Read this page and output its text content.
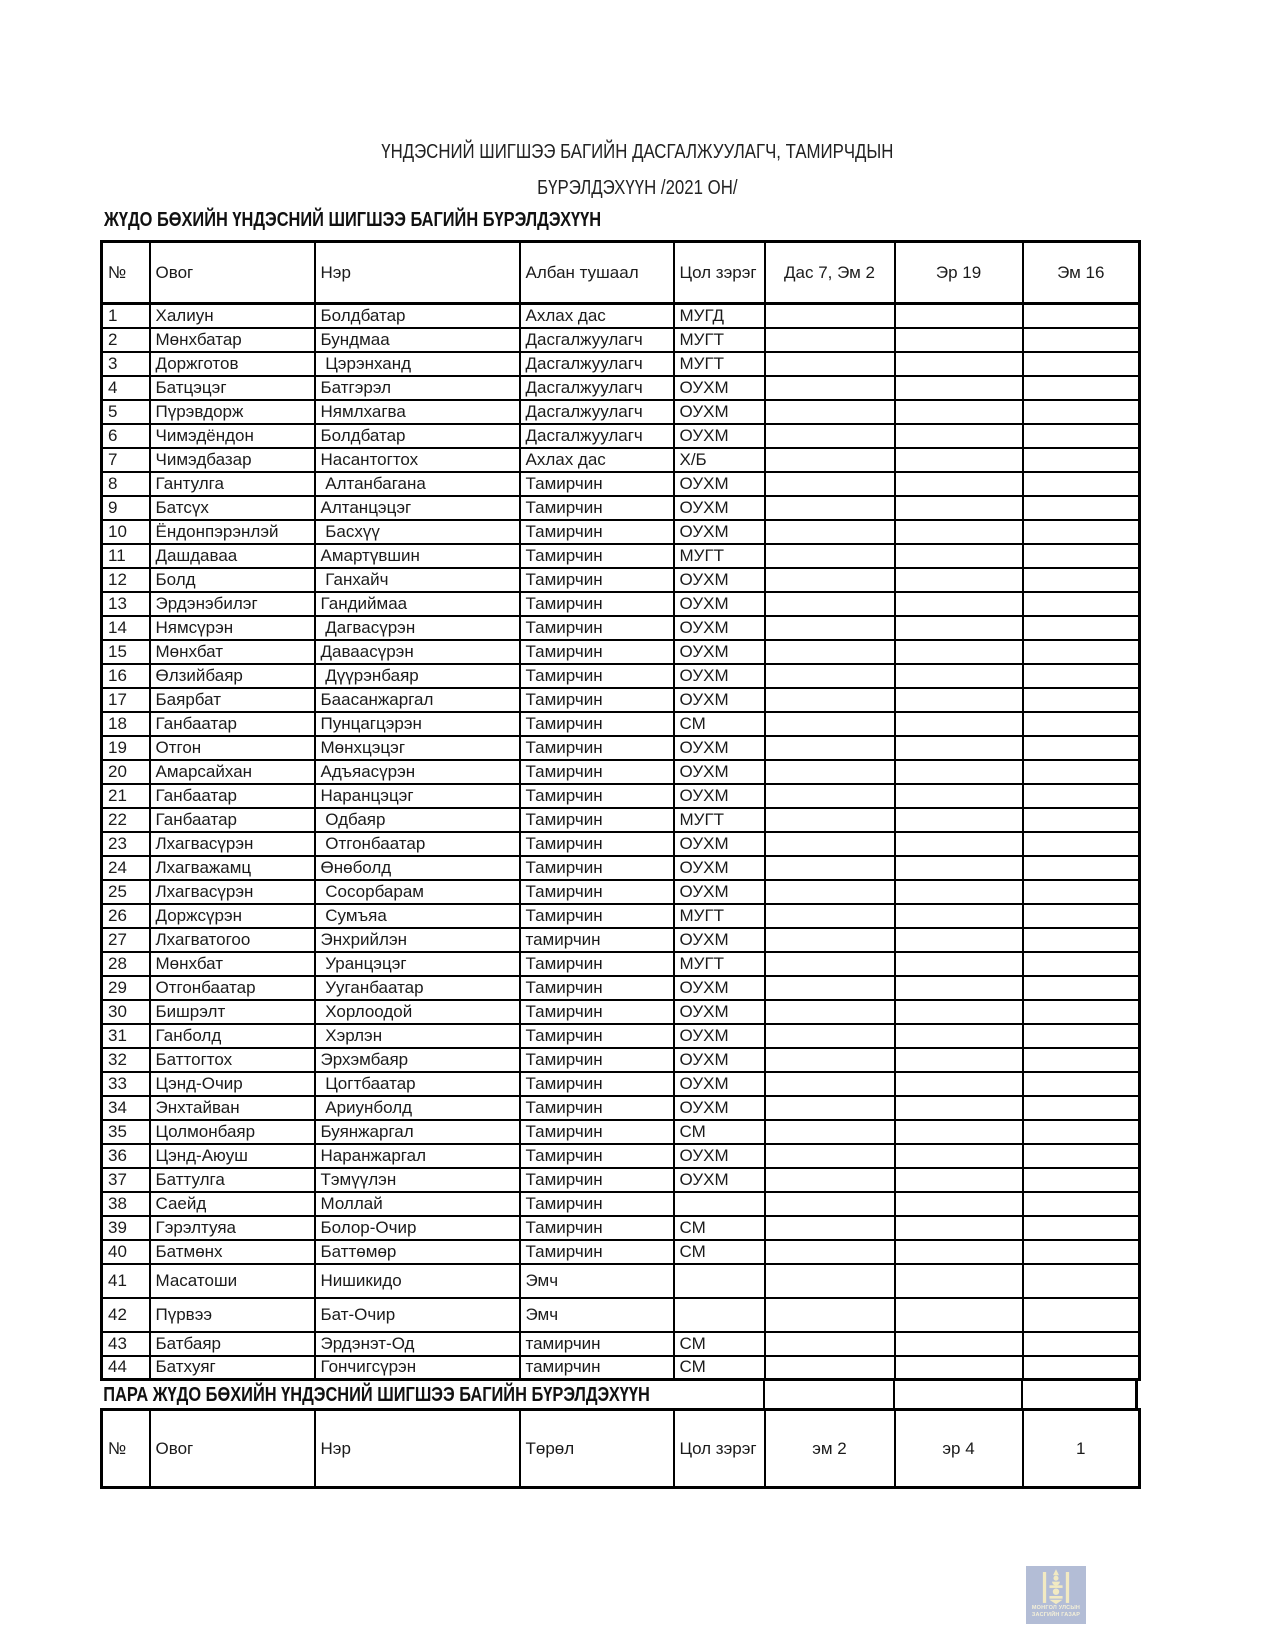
ҮНДЭСНИЙ ШИГШЭЭ БАГИЙН ДАСГАЛЖУУЛАГЧ, ТАМИРЧДЫН
БҮРЭЛДЭХҮҮН /2021 ОН/
ЖҮДО БӨХИЙН ҮНДЭСНИЙ ШИГШЭЭ БАГИЙН БҮРЭЛДЭХҮҮН
№	Овог	Нэр	Албан тушаал	Цол зэрэг	Дас 7, Эм 2	Эр 19	Эм 16
1	Халиун	Болдбатар	Ахлах дас	МУГД			
2	Мөнхбатар	Бундмаа	Дасгалжуулагч	МУГТ			
3	Доржготов	Цэрэнханд	Дасгалжуулагч	МУГТ			
4	Батцэцэг	Батгэрэл	Дасгалжуулагч	ОУХМ			
5	Пүрэвдорж	Нямлхагва	Дасгалжуулагч	ОУХМ			
6	Чимэдёндон	Болдбатар	Дасгалжуулагч	ОУХМ			
7	Чимэдбазар	Насантогтох	Ахлах дас	Х/Б			
8	Гантулга	Алтанбагана	Тамирчин	ОУХМ			
9	Батсүх	Алтанцэцэг	Тамирчин	ОУХМ			
10	Ёндонпэрэнлэй	Басхүү	Тамирчин	ОУХМ			
11	Дашдаваа	Амартүвшин	Тамирчин	МУГТ			
12	Болд	Ганхайч	Тамирчин	ОУХМ			
13	Эрдэнэбилэг	Гандиймаа	Тамирчин	ОУХМ			
14	Нямсүрэн	Дагвасүрэн	Тамирчин	ОУХМ			
15	Мөнхбат	Даваасүрэн	Тамирчин	ОУХМ			
16	Өлзийбаяр	Дүүрэнбаяр	Тамирчин	ОУХМ			
17	Баярбат	Баасанжаргал	Тамирчин	ОУХМ			
18	Ганбаатар	Пунцагцэрэн	Тамирчин	СМ			
19	Отгон	Мөнхцэцэг	Тамирчин	ОУХМ			
20	Амарсайхан	Адъяасүрэн	Тамирчин	ОУХМ			
21	Ганбаатар	Наранцэцэг	Тамирчин	ОУХМ			
22	Ганбаатар	Одбаяр	Тамирчин	МУГТ			
23	Лхагвасүрэн	Отгонбаатар	Тамирчин	ОУХМ			
24	Лхагважамц	Өнөболд	Тамирчин	ОУХМ			
25	Лхагвасүрэн	Сосорбарам	Тамирчин	ОУХМ			
26	Доржсүрэн	Сумъяа	Тамирчин	МУГТ			
27	Лхагватогоо	Энхрийлэн	тамирчин	ОУХМ			
28	Мөнхбат	Уранцэцэг	Тамирчин	МУГТ			
29	Отгонбаатар	Ууганбаатар	Тамирчин	ОУХМ			
30	Бишрэлт	Хорлоодой	Тамирчин	ОУХМ			
31	Ганболд	Хэрлэн	Тамирчин	ОУХМ			
32	Баттогтох	Эрхэмбаяр	Тамирчин	ОУХМ			
33	Цэнд-Очир	Цогтбаатар	Тамирчин	ОУХМ			
34	Энхтайван	Ариунболд	Тамирчин	ОУХМ			
35	Цолмонбаяр	Буянжаргал	Тамирчин	СМ			
36	Цэнд-Аюуш	Наранжаргал	Тамирчин	ОУХМ			
37	Баттулга	Тэмүүлэн	Тамирчин	ОУХМ			
38	Саейд	Моллай	Тамирчин				
39	Гэрэлтуяа	Болор-Очир	Тамирчин	СМ			
40	Батмөнх	Баттөмөр	Тамирчин	СМ			
41	Масатоши	Нишикидо	Эмч				
42	Пүрвээ	Бат-Очир	Эмч				
43	Батбаяр	Эрдэнэт-Од	тамирчин	СМ			
44	Батхуяг	Гончигсүрэн	тамирчин	СМ			
ПАРА ЖҮДО БӨХИЙН ҮНДЭСНИЙ ШИГШЭЭ БАГИЙН БҮРЭЛДЭХҮҮН
№	Овог	Нэр	Төрөл	Цол зэрэг	эм 2	эр 4	1
МОНГОЛ УЛСЫН
ЗАСГИЙН ГАЗАР
